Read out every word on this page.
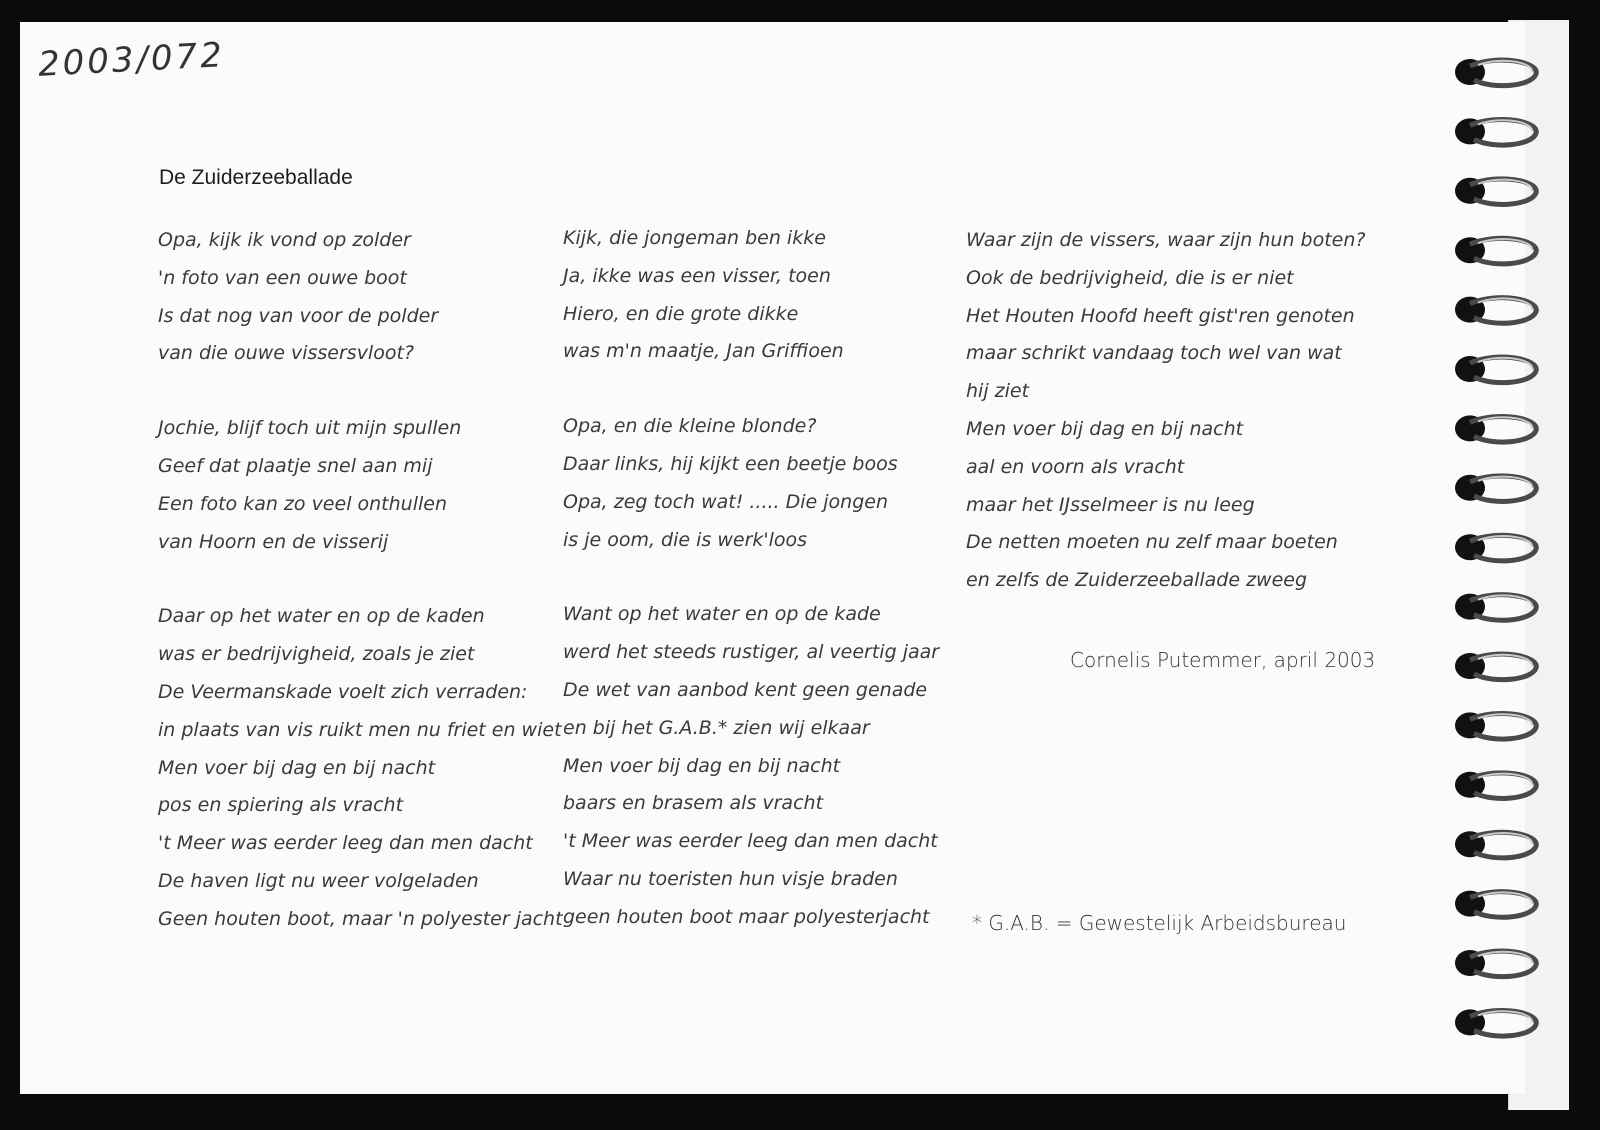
2003/072
De Zuiderzeeballade
Opa, kijk ik vond op zolder
'n foto van een ouwe boot
Is dat nog van voor de polder
van die ouwe vissersvloot?
Jochie, blijf toch uit mijn spullen
Geef dat plaatje snel aan mij
Een foto kan zo veel onthullen
van Hoorn en de visserij
Daar op het water en op de kaden
was er bedrijvigheid, zoals je ziet
De Veermanskade voelt zich verraden:
in plaats van vis ruikt men nu friet en wiet
Men voer bij dag en bij nacht
pos en spiering als vracht
't Meer was eerder leeg dan men dacht
De haven ligt nu weer volgeladen
Geen houten boot, maar 'n polyester jacht
Kijk, die jongeman ben ikke
Ja, ikke was een visser, toen
Hiero, en die grote dikke
was m'n maatje, Jan Griffioen
Opa, en die kleine blonde?
Daar links, hij kijkt een beetje boos
Opa, zeg toch wat! ..... Die jongen
is je oom, die is werk'loos
Want op het water en op de kade
werd het steeds rustiger, al veertig jaar
De wet van aanbod kent geen genade
en bij het G.A.B.* zien wij elkaar
Men voer bij dag en bij nacht
baars en brasem als vracht
't Meer was eerder leeg dan men dacht
Waar nu toeristen hun visje braden
geen houten boot maar polyesterjacht
Waar zijn de vissers, waar zijn hun boten?
Ook de bedrijvigheid, die is er niet
Het Houten Hoofd heeft gist'ren genoten
maar schrikt vandaag toch wel van wat
hij ziet
Men voer bij dag en bij nacht
aal en voorn als vracht
maar het IJsselmeer is nu leeg
De netten moeten nu zelf maar boeten
en zelfs de Zuiderzeeballade zweeg
Cornelis Putemmer, april 2003
* G.A.B. = Gewestelijk Arbeidsbureau
